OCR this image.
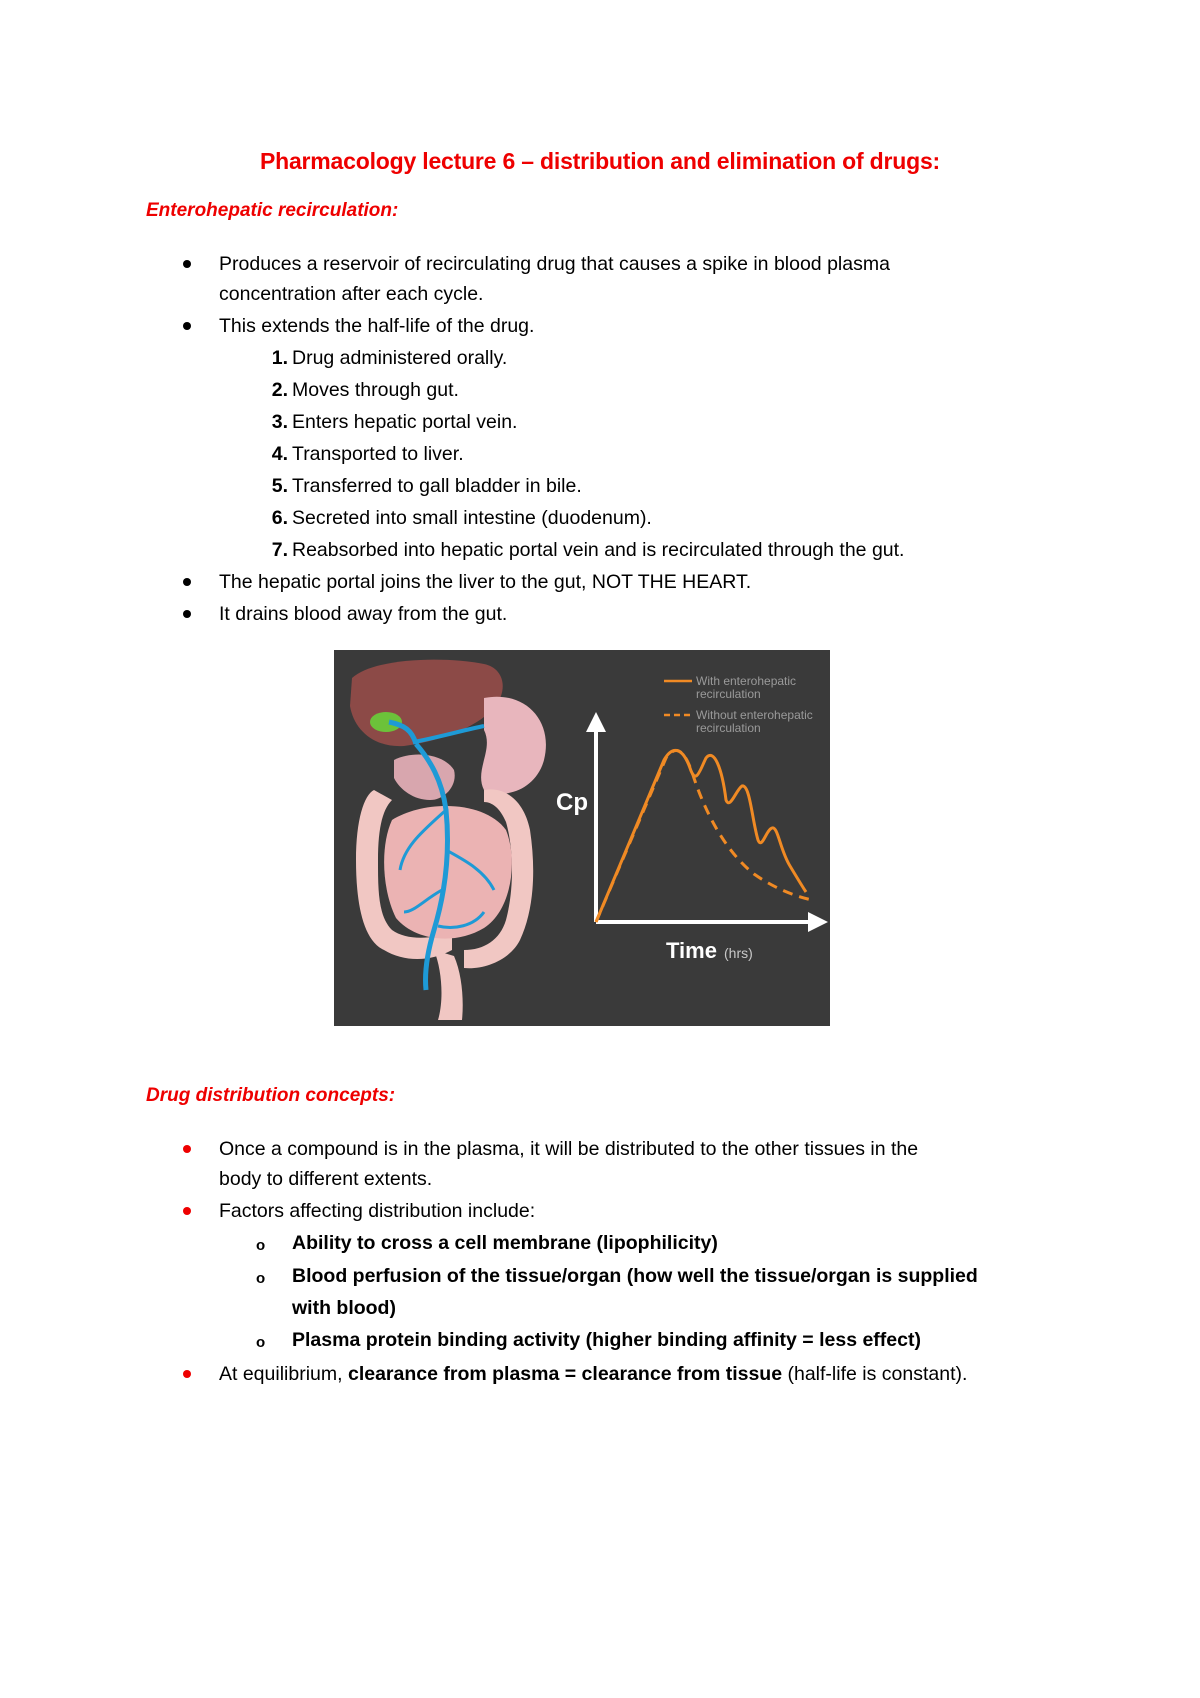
Pharmacology lecture 6 – distribution and elimination of drugs:
Enterohepatic recirculation:
Produces a reservoir of recirculating drug that causes a spike in blood plasma
concentration after each cycle.
This extends the half-life of the drug.
1. Drug administered orally.
2. Moves through gut.
3. Enters hepatic portal vein.
4. Transported to liver.
5. Transferred to gall bladder in bile.
6. Secreted into small intestine (duodenum).
7. Reabsorbed into hepatic portal vein and is recirculated through the gut.
The hepatic portal joins the liver to the gut, NOT THE HEART.
It drains blood away from the gut.
With enterohepatic
recirculation
Without enterohepatic
recirculation
Cp
Time (hrs)
Drug distribution concepts:
Once a compound is in the plasma, it will be distributed to the other tissues in the
body to different extents.
Factors affecting distribution include:
o Ability to cross a cell membrane (lipophilicity)
o Blood perfusion of the tissue/organ (how well the tissue/organ is supplied
with blood)
o Plasma protein binding activity (higher binding affinity = less effect)
At equilibrium, clearance from plasma = clearance from tissue (half-life is constant).
